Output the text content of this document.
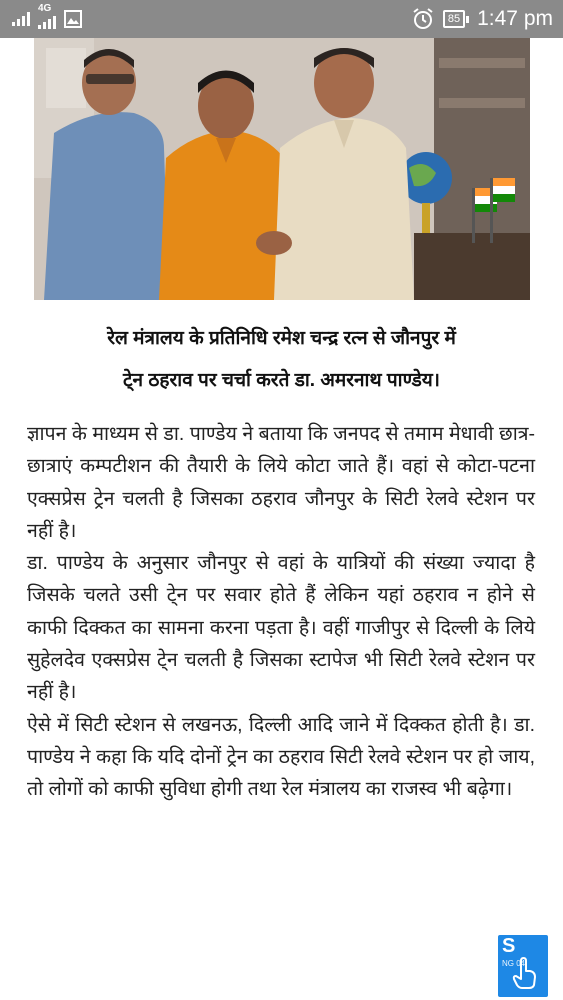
4G
85 1:47 pm
रेल मंत्रालय के प्रतिनिधि रमेश चन्द्र रत्न से जौनपुर में
टे्न ठहराव पर चर्चा करते डा. अमरनाथ पाण्डेय।

ज्ञापन के माध्यम से डा. पाण्डेय ने बताया कि जनपद से तमाम मेधावी छात्र-छात्राएं कम्पटीशन की तैयारी के लिये कोटा जाते हैं। वहां से कोटा-पटना एक्सप्रेस ट्रेन चलती है जिसका ठहराव जौनपुर के सिटी रेलवे स्टेशन पर नहीं है।

डा. पाण्डेय के अनुसार जौनपुर से वहां के यात्रियों की संख्या ज्यादा है जिसके चलते उसी टे्न पर सवार होते हैं लेकिन यहां ठहराव न होने से काफी दिक्कत का सामना करना पड़ता है। वहीं गाजीपुर से दिल्ली के लिये सुहेलदेव एक्सप्रेस टे्न चलती है जिसका स्टापेज भी सिटी रेलवे स्टेशन पर नहीं है।

ऐसे में सिटी स्टेशन से लखनऊ, दिल्ली आदि जाने में दिक्कत होती है। डा. पाण्डेय ने कहा कि यदि दोनों ट्रेन का ठहराव सिटी रेलवे स्टेशन पर हो जाय, तो लोगों को काफी सुविधा होगी तथा रेल मंत्रालय का राजस्व भी बढ़ेगा।

S
NG 04
